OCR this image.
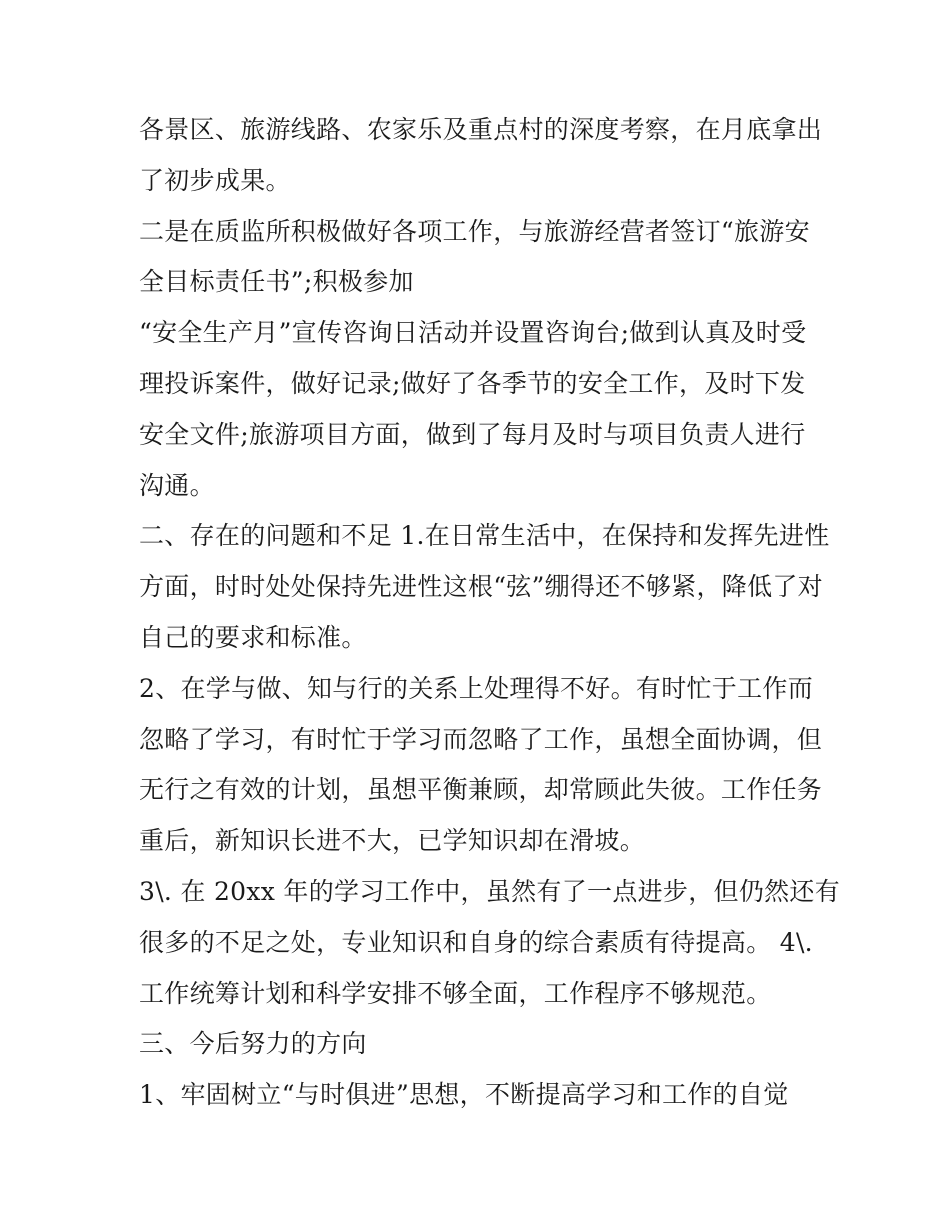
各景区、旅游线路、农家乐及重点村的深度考察，在月底拿出
了初步成果。
二是在质监所积极做好各项工作，与旅游经营者签订“旅游安
全目标责任书”;积极参加
“安全生产月”宣传咨询日活动并设置咨询台;做到认真及时受
理投诉案件，做好记录;做好了各季节的安全工作，及时下发
安全文件;旅游项目方面，做到了每月及时与项目负责人进行
沟通。
二、存在的问题和不足 1.在日常生活中，在保持和发挥先进性
方面，时时处处保持先进性这根“弦”绷得还不够紧，降低了对
自己的要求和标准。
2、在学与做、知与行的关系上处理得不好。有时忙于工作而
忽略了学习，有时忙于学习而忽略了工作，虽想全面协调，但
无行之有效的计划，虽想平衡兼顾，却常顾此失彼。工作任务
重后，新知识长进不大，已学知识却在滑坡。
3\. 在 20xx 年的学习工作中，虽然有了一点进步，但仍然还有
很多的不足之处，专业知识和自身的综合素质有待提高。 4\.
工作统筹计划和科学安排不够全面，工作程序不够规范。
三、今后努力的方向
1、牢固树立“与时俱进”思想，不断提高学习和工作的自觉
